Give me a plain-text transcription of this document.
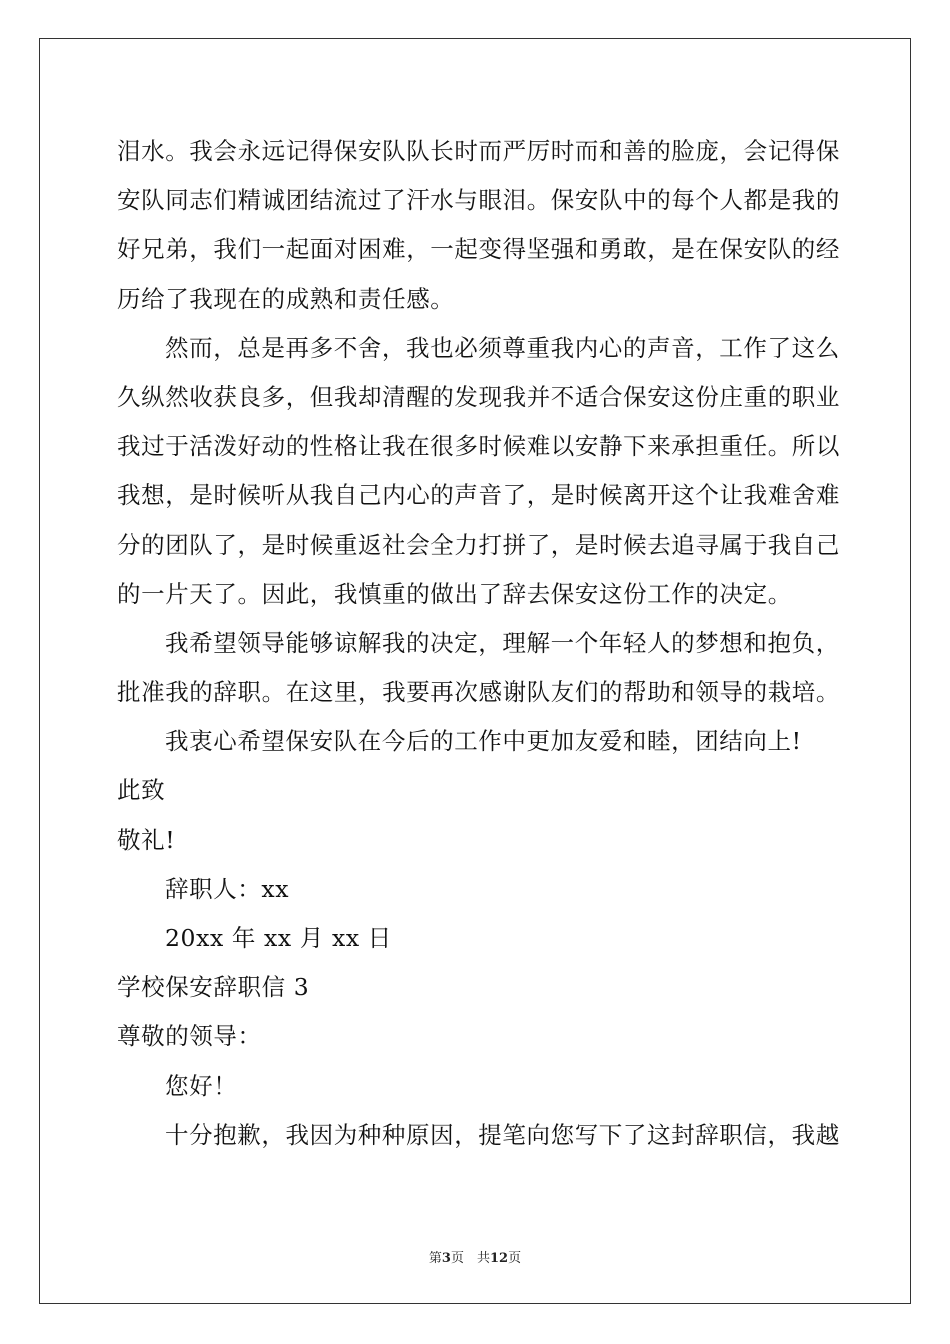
泪水。我会永远记得保安队队长时而严厉时而和善的脸庞，会记得保
安队同志们精诚团结流过了汗水与眼泪。保安队中的每个人都是我的
好兄弟，我们一起面对困难，一起变得坚强和勇敢，是在保安队的经
历给了我现在的成熟和责任感。
然而，总是再多不舍，我也必须尊重我内心的声音，工作了这么
久纵然收获良多，但我却清醒的发现我并不适合保安这份庄重的职业
我过于活泼好动的性格让我在很多时候难以安静下来承担重任。所以
我想，是时候听从我自己内心的声音了，是时候离开这个让我难舍难
分的团队了，是时候重返社会全力打拼了，是时候去追寻属于我自己
的一片天了。因此，我慎重的做出了辞去保安这份工作的决定。
我希望领导能够谅解我的决定，理解一个年轻人的梦想和抱负，
批准我的辞职。在这里，我要再次感谢队友们的帮助和领导的栽培。
我衷心希望保安队在今后的工作中更加友爱和睦，团结向上!
此致
敬礼!
辞职人：xx
20xx 年 xx 月 xx 日
学校保安辞职信 3
尊敬的领导：
您好！
十分抱歉，我因为种种原因，提笔向您写下了这封辞职信，我越
第3页　共12页
